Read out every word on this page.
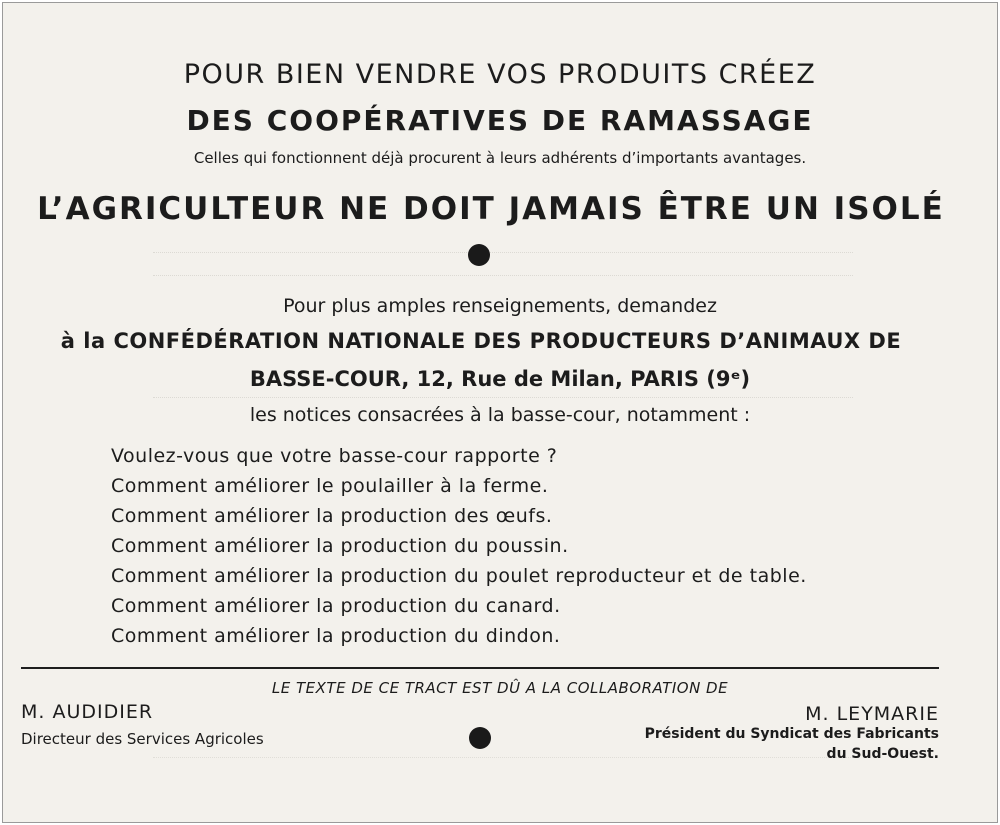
POUR BIEN VENDRE VOS PRODUITS CRÉEZ
DES COOPÉRATIVES DE RAMASSAGE
Celles qui fonctionnent déjà procurent à leurs adhérents d’importants avantages.
L’AGRICULTEUR NE DOIT JAMAIS ÊTRE UN ISOLÉ
Pour plus amples renseignements, demandez
à la CONFÉDÉRATION NATIONALE DES PRODUCTEURS D’ANIMAUX DE
BASSE-COUR, 12, Rue de Milan, PARIS (9ᵉ)
les notices consacrées à la basse-cour, notamment :
Voulez-vous que votre basse-cour rapporte ?
Comment améliorer le poulailler à la ferme.
Comment améliorer la production des œufs.
Comment améliorer la production du poussin.
Comment améliorer la production du poulet reproducteur et de table.
Comment améliorer la production du canard.
Comment améliorer la production du dindon.
LE TEXTE DE CE TRACT EST DÛ A LA COLLABORATION DE
M. AUDIDIER
Directeur des Services Agricoles
M. LEYMARIE
Président du Syndicat des Fabricants
du Sud-Ouest.
